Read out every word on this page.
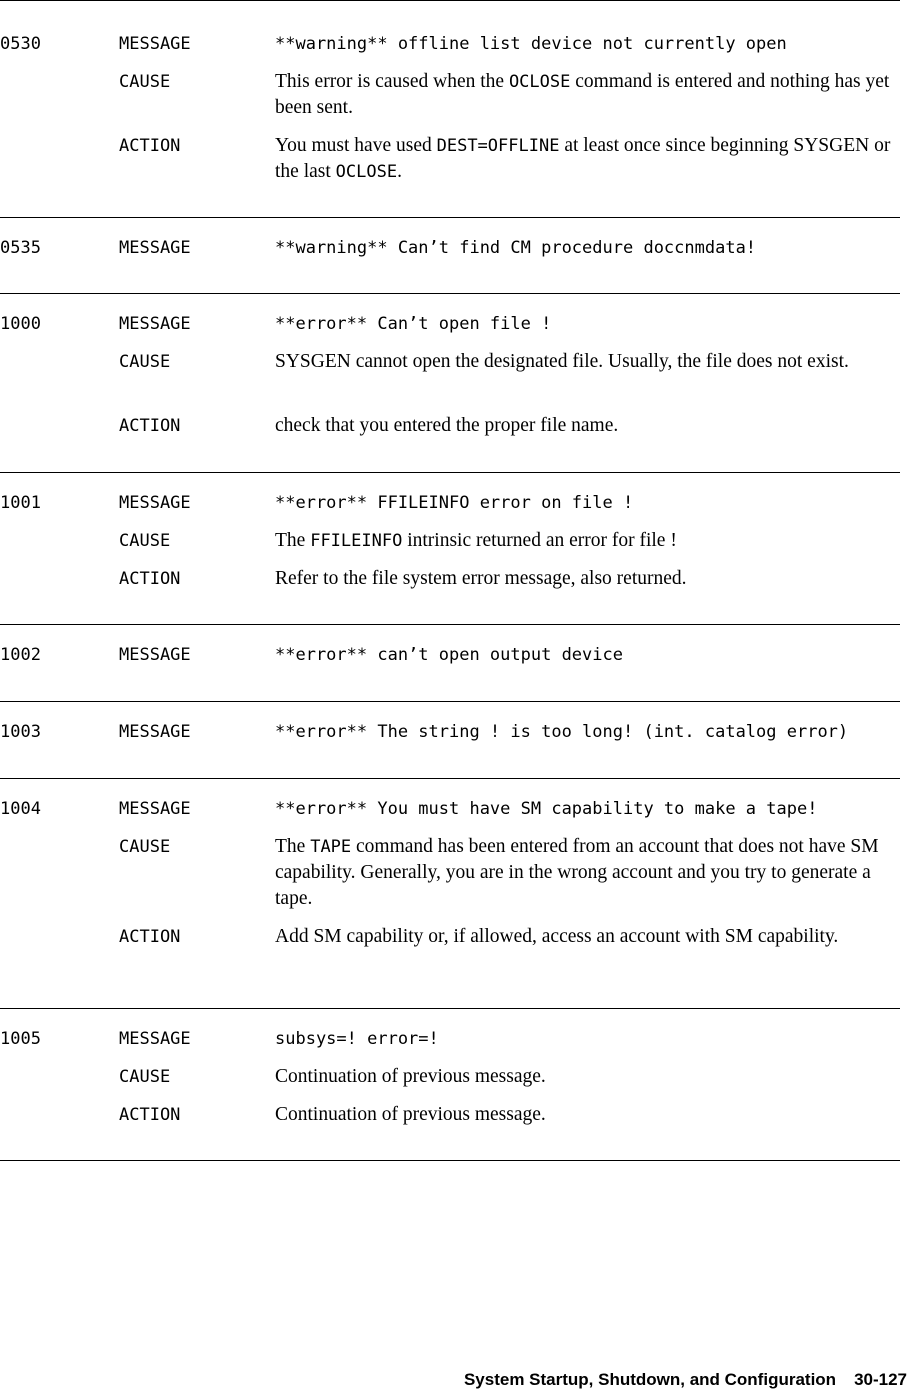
0530	MESSAGE	**warning** offline list device not currently open
CAUSE	This error is caused when the OCLOSE command is entered and nothing has yet been sent.
ACTION	You must have used DEST=OFFLINE at least once since beginning SYSGEN or the last OCLOSE.
0535	MESSAGE	**warning** Can’t find CM procedure doccnmdata!
1000	MESSAGE	**error** Can’t open file !
CAUSE	SYSGEN cannot open the designated file. Usually, the file does not exist.
ACTION	check that you entered the proper file name.
1001	MESSAGE	**error** FFILEINFO error on file !
CAUSE	The FFILEINFO intrinsic returned an error for file !
ACTION	Refer to the file system error message, also returned.
1002	MESSAGE	**error** can’t open output device
1003	MESSAGE	**error** The string ! is too long! (int. catalog error)
1004	MESSAGE	**error** You must have SM capability to make a tape!
CAUSE	The TAPE command has been entered from an account that does not have SM capability. Generally, you are in the wrong account and you try to generate a tape.
ACTION	Add SM capability or, if allowed, access an account with SM capability.
1005	MESSAGE	subsys=! error=!
CAUSE	Continuation of previous message.
ACTION	Continuation of previous message.
System Startup, Shutdown, and Configuration 30-127
